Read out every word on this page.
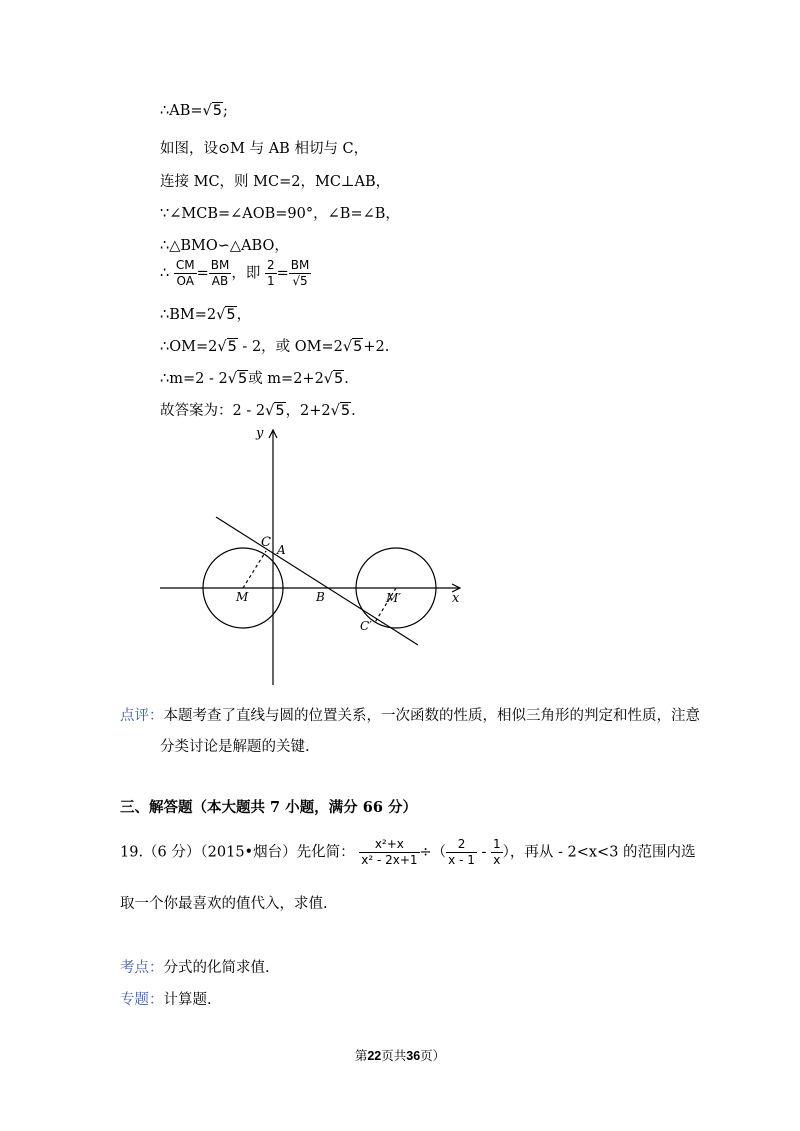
∴AB=√5;
如图，设⊙M 与 AB 相切与 C，
连接 MC，则 MC=2，MC⊥AB，
∵∠MCB=∠AOB=90°，∠B=∠B，
∴△BMO∽△ABO，
∴ $\frac{CM}{OA} = \frac{BM}{AB}$ ，即 $\frac{2}{1} = \frac{BM}{√5}$
∴BM=2√5，
∴OM=2√5 - 2，或 OM=2√5+2.
∴m=2 - 2√5或 m=2+2√5.
故答案为：2 - 2√5，2+2√5.
y
x
C A
M	B	M′
C′
点评：本题考查了直线与圆的位置关系，一次函数的性质，相似三角形的判定和性质，注意
分类讨论是解题的关键.
三、解答题（本大题共 7 小题，满分 66 分）
19.（6 分）（2015•烟台）先化简： $\frac{\text{x²+x}}{\text{x² - 2x+1}}$ ÷（ $\frac{2}{x - 1} - \frac{1}{x}$ ），再从 - 2<x<3 的范围内选
取一个你最喜欢的值代入，求值.
考点：分式的化简求值.
专题：计算题.
第22页共36页）
